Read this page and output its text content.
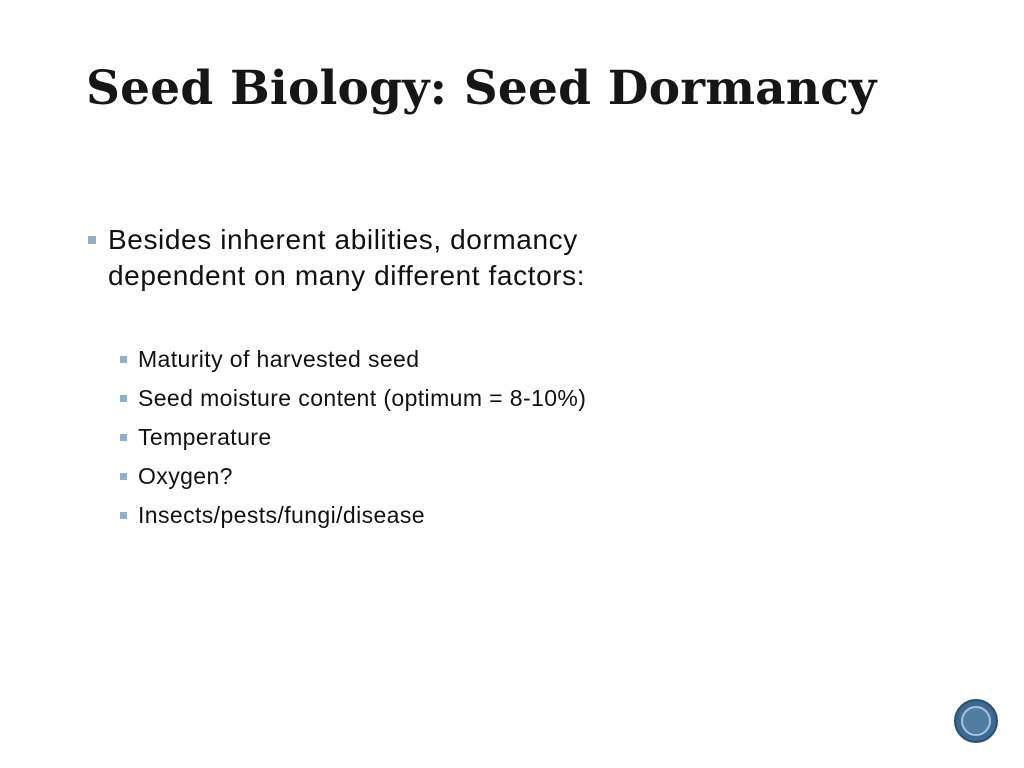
Seed Biology: Seed Dormancy
Besides inherent abilities, dormancy dependent on many different factors:
Maturity of harvested seed
Seed moisture content (optimum = 8-10%)
Temperature
Oxygen?
Insects/pests/fungi/disease
